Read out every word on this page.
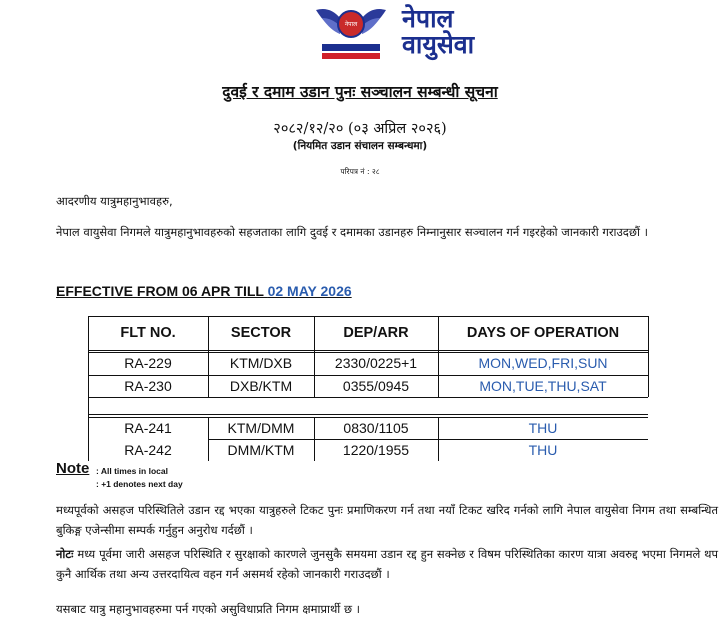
नेपाल नेपाल
वायुसेवा
दुवई र दमाम उडान पुनः सञ्चालन सम्बन्धी सूचना
२०८२/१२/२० (०३ अप्रिल २०२६)
(नियमित उडान संचालन सम्बन्धमा)
परिपत्र नं : २८
आदरणीय यात्रुमहानुभावहरु,
नेपाल वायुसेवा निगमले यात्रुमहानुभावहरुको सहजताका लागि दुवई र दमामका उडानहरु निम्नानुसार सञ्चालन गर्न गइरहेको जानकारी गराउदछौं ।
EFFECTIVE FROM 06 APR TILL 02 MAY 2026
FLT NO.	SECTOR	DEP/ARR	DAYS OF OPERATION
RA-229	KTM/DXB	2330/0225+1	MON,WED,FRI,SUN
RA-230	DXB/KTM	0355/0945	MON,TUE,THU,SAT
RA-241	KTM/DMM	0830/1105	THU
RA-242	DMM/KTM	1220/1955	THU
Note : All times in local
: +1 denotes next day
मध्यपूर्वको असहज परिस्थितिले उडान रद्द भएका यात्रुहरुले टिकट पुनः प्रमाणिकरण गर्न तथा नयाँ टिकट खरिद गर्नको लागि नेपाल वायुसेवा निगम तथा सम्बन्धित बुकिङ्ग एजेन्सीमा सम्पर्क गर्नुहुन अनुरोध गर्दछौं ।
नोटः मध्य पूर्वमा जारी असहज परिस्थिति र सुरक्षाको कारणले जुनसुकै समयमा उडान रद्द हुन सक्नेछ र विषम परिस्थितिका कारण यात्रा अवरुद्द भएमा निगमले थप कुनै आर्थिक तथा अन्य उत्तरदायित्व वहन गर्न असमर्थ रहेको जानकारी गराउदछौं ।
यसबाट यात्रु महानुभावहरुमा पर्न गएको असुविधाप्रति निगम क्षमाप्रार्थी छ ।
